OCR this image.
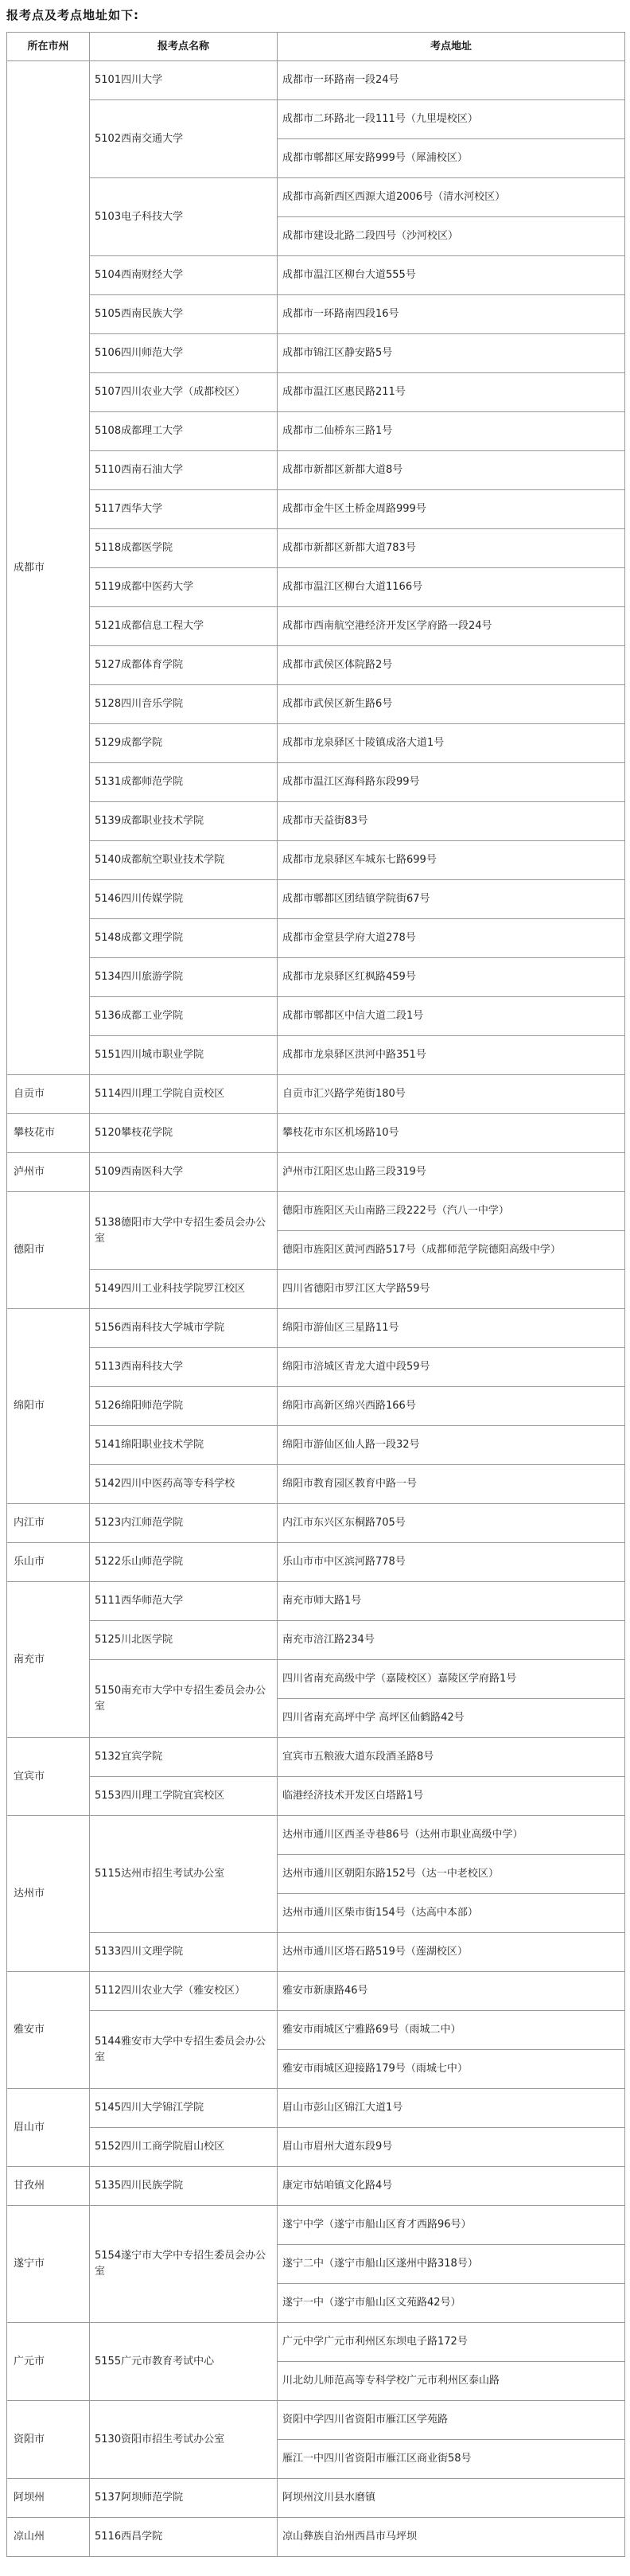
报考点及考点地址如下:
所在市州	报考点名称	考点地址
成都市	5101四川大学	成都市一环路南一段24号
	5102西南交通大学	成都市二环路北一段111号（九里堤校区）
		成都市郫都区犀安路999号（犀浦校区）
	5103电子科技大学	成都市高新西区西源大道2006号（清水河校区）
		成都市建设北路二段四号（沙河校区）
	5104西南财经大学	成都市温江区柳台大道555号
	5105西南民族大学	成都市一环路南四段16号
	5106四川师范大学	成都市锦江区静安路5号
	5107四川农业大学（成都校区）	成都市温江区惠民路211号
	5108成都理工大学	成都市二仙桥东三路1号
	5110西南石油大学	成都市新都区新都大道8号
	5117西华大学	成都市金牛区土桥金周路999号
	5118成都医学院	成都市新都区新都大道783号
	5119成都中医药大学	成都市温江区柳台大道1166号
	5121成都信息工程大学	成都市西南航空港经济开发区学府路一段24号
	5127成都体育学院	成都市武侯区体院路2号
	5128四川音乐学院	成都市武侯区新生路6号
	5129成都学院	成都市龙泉驿区十陵镇成洛大道1号
	5131成都师范学院	成都市温江区海科路东段99号
	5139成都职业技术学院	成都市天益街83号
	5140成都航空职业技术学院	成都市龙泉驿区车城东七路699号
	5146四川传媒学院	成都市郫都区团结镇学院街67号
	5148成都文理学院	成都市金堂县学府大道278号
	5134四川旅游学院	成都市龙泉驿区红枫路459号
	5136成都工业学院	成都市郫都区中信大道二段1号
	5151四川城市职业学院	成都市龙泉驿区洪河中路351号
自贡市	5114四川理工学院自贡校区	自贡市汇兴路学苑街180号
攀枝花市	5120攀枝花学院	攀枝花市东区机场路10号
泸州市	5109西南医科大学	泸州市江阳区忠山路三段319号
德阳市	5138德阳市大学中专招生委员会办公室	德阳市旌阳区天山南路三段222号（汽八一中学）
		德阳市旌阳区黄河西路517号（成都师范学院德阳高级中学）
	5149四川工业科技学院罗江校区	四川省德阳市罗江区大学路59号
绵阳市	5156西南科技大学城市学院	绵阳市游仙区三星路11号
	5113西南科技大学	绵阳市涪城区青龙大道中段59号
	5126绵阳师范学院	绵阳市高新区绵兴西路166号
	5141绵阳职业技术学院	绵阳市游仙区仙人路一段32号
	5142四川中医药高等专科学校	绵阳市教育园区教育中路一号
内江市	5123内江师范学院	内江市东兴区东桐路705号
乐山市	5122乐山师范学院	乐山市市中区滨河路778号
南充市	5111西华师范大学	南充市师大路1号
	5125川北医学院	南充市涪江路234号
	5150南充市大学中专招生委员会办公室	四川省南充高级中学（嘉陵校区）嘉陵区学府路1号
		四川省南充高坪中学 高坪区仙鹤路42号
宜宾市	5132宜宾学院	宜宾市五粮液大道东段酒圣路8号
	5153四川理工学院宜宾校区	临港经济技术开发区白塔路1号
达州市	5115达州市招生考试办公室	达州市通川区西圣寺巷86号（达州市职业高级中学）
		达州市通川区朝阳东路152号（达一中老校区）
		达州市通川区柴市街154号（达高中本部）
	5133四川文理学院	达州市通川区塔石路519号（莲湖校区）
雅安市	5112四川农业大学（雅安校区）	雅安市新康路46号
	5144雅安市大学中专招生委员会办公室	雅安市雨城区宁雅路69号（雨城二中）
		雅安市雨城区迎接路179号（雨城七中）
眉山市	5145四川大学锦江学院	眉山市彭山区锦江大道1号
	5152四川工商学院眉山校区	眉山市眉州大道东段9号
甘孜州	5135四川民族学院	康定市姑咱镇文化路4号
遂宁市	5154遂宁市大学中专招生委员会办公室	遂宁中学（遂宁市船山区育才西路96号）
		遂宁二中（遂宁市船山区遂州中路318号）
		遂宁一中（遂宁市船山区文苑路42号）
广元市	5155广元市教育考试中心	广元中学广元市利州区东坝电子路172号
		川北幼儿师范高等专科学校广元市利州区泰山路
资阳市	5130资阳市招生考试办公室	资阳中学四川省资阳市雁江区学苑路
		雁江一中四川省资阳市雁江区商业街58号
阿坝州	5137阿坝师范学院	阿坝州汶川县水磨镇
凉山州	5116西昌学院	凉山彝族自治州西昌市马坪坝
